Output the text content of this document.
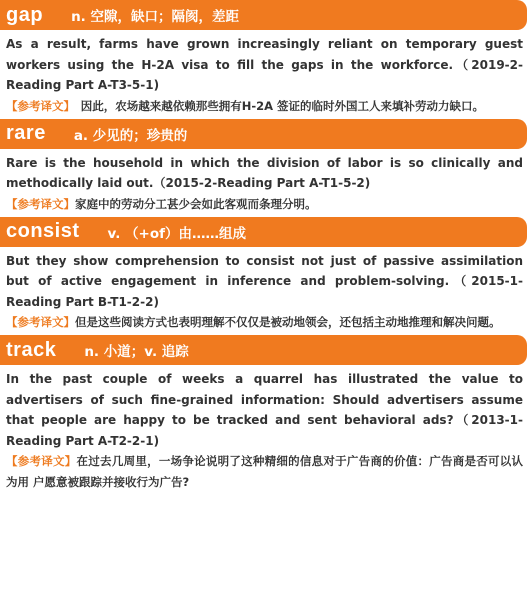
gap n. 空隙，缺口；隔阂，差距

As a result, farms have grown increasingly reliant on temporary guest workers using the H-2A visa to fill the gaps in the workforce.（2019-2-Reading Part A-T3-5-1)

【参考译文】　因此，农场越来越依赖那些拥有H-2A 签证的临时外国工人来填补劳动力缺口。

rare a. 少见的；珍贵的

Rare is the household in which the division of labor is so clinically and methodically laid out.（2015-2-Reading Part A-T1-5-2)

【参考译文】家庭中的劳动分工甚少会如此客观而条理分明。

consist v. （+of）由……组成

But they show comprehension to consist not just of passive assimilation but of active engagement in inference and problem-solving.（2015-1-Reading Part B-T1-2-2)

【参考译文】但是这些阅读方式也表明理解不仅仅是被动地领会，还包括主动地推理和解决问题。

track n. 小道；v. 追踪

In the past couple of weeks a quarrel has illustrated the value to advertisers of such fine-grained information: Should advertisers assume that people are happy to be tracked and sent behavioral ads?（2013-1-Reading Part A-T2-2-1)

【参考译文】在过去几周里，一场争论说明了这种精细的信息对于广告商的价值：广告商是否可以认为用 户愿意被跟踪并接收行为广告?
